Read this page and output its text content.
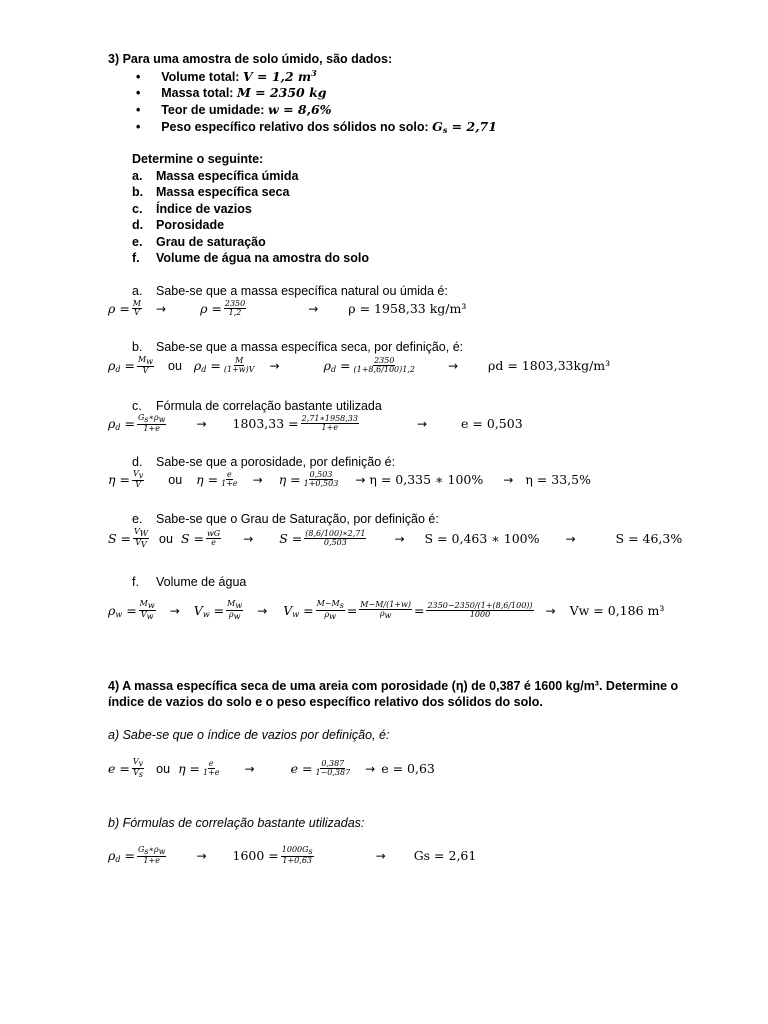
3) Para uma amostra de solo úmido, são dados:
•      Volume total: V = 1,2 $m^3$
•      Massa total: M = 2350 kg
•      Teor de umidade: w = 8,6%
•      Peso específico relativo dos sólidos no solo: $G_s = 2,71$
Determine o seguinte:
a. Massa específica úmida
b. Massa específica seca
c. Índice de vazios
d. Porosidade
e. Grau de saturação
f. Volume de água na amostra do solo
a. Sabe-se que a massa específica natural ou úmida é:
$\rho = \frac{M}{V}$ →	$\rho = \frac{2350}{1,2}$	→ ρ = 1958,33 kg/m³
b. Sabe-se que a massa específica seca, por definição, é:
$\rho_d = \frac{Mw}{V}$ ou $\rho_d = \frac{M}{(1+w)V}$ →	$\rho_d = \frac{2350}{(1+8,6/100)1,2}$	→ ρd = 1803,33kg/m³
c. Fórmula de correlação bastante utilizada
$\rho_d = \frac{Gs∗\rho w}{1+e}$	→ $1803,33 = \frac{2,71∗1958,33}{1+e}$	→	e = 0,503
d. Sabe-se que a porosidade, por definição é:
$\eta = \frac{Vv}{V}$ ou $\eta = \frac{e}{1+e} \to \eta = \frac{0,503}{1+0,503} \to \eta = 0,335$ ∗ 100% → η = 33,5%
e. Sabe-se que o Grau de Saturação, por definição é:
$S = \frac{VW}{VV}$ ou $S = \frac{wG}{e} \to S = \frac{(8,6/100)∗2,71}{0,503} \to S = 0,463$ ∗ 100% →	S = 46,3%
f. Volume de água
$\rho_w = \frac{Mw}{Vw} \to V_w = \frac{Mw}{\rho w} \to V_w = \frac{M-Ms}{\rho w} = \frac{M-M/(1+w)}{\rho w} = \frac{2350-2350/(1+(8,6/100))}{1000} \to Vw = 0,186$ m³
4) A massa específica seca de uma areia com porosidade (η) de 0,387 é 1600 kg/m³. Determine o
índice de vazios do solo e o peso específico relativo dos sólidos do solo.
a) Sabe-se que o índice de vazios por definição, é:
$e = \frac{Vv}{Vs}$ ou $\eta = \frac{e}{1+e}$ →	$e = \frac{0,387}{1-0,387} \to e = 0,63$
b) Fórmulas de correlação bastante utilizadas:
$\rho_d = \frac{Gs∗\rho w}{1+e}$	→ $1600 = \frac{1000Gs}{1+0,63}$	→ Gs = 2,61
